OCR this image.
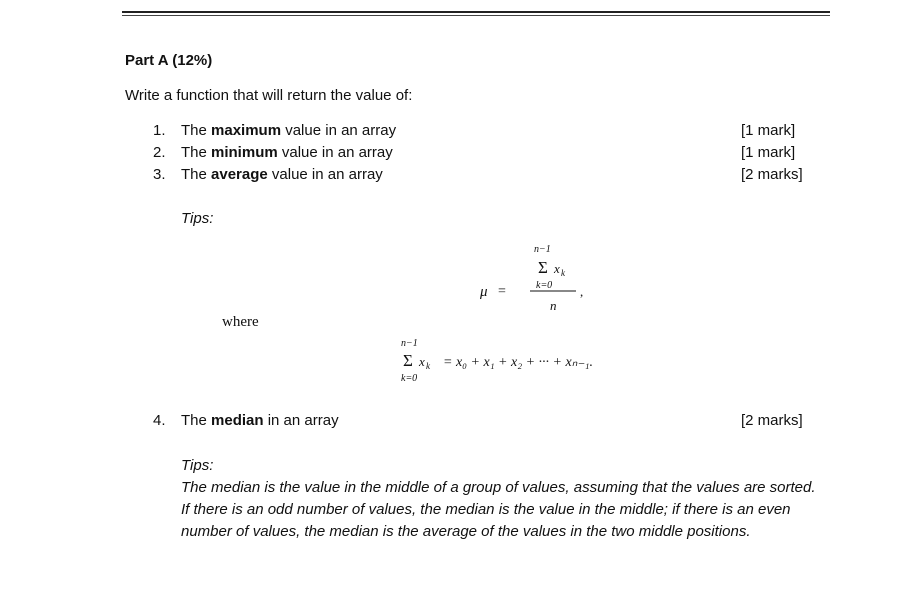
Part A (12%)
Write a function that will return the value of:
1. The maximum value in an array	[1 mark]
2. The minimum value in an array	[1 mark]
3. The average value in an array	[2 marks]
Tips:
μ =
n−1
Σ x k
k=0
n
,
where
n−1
Σ x k
k=0
= x₀ + x₁ + x₂ + ··· + xₙ₋₁.
4. The median in an array	[2 marks]
Tips:
The median is the value in the middle of a group of values, assuming that the values are sorted.
If there is an odd number of values, the median is the value in the middle; if there is an even
number of values, the median is the average of the values in the two middle positions.
